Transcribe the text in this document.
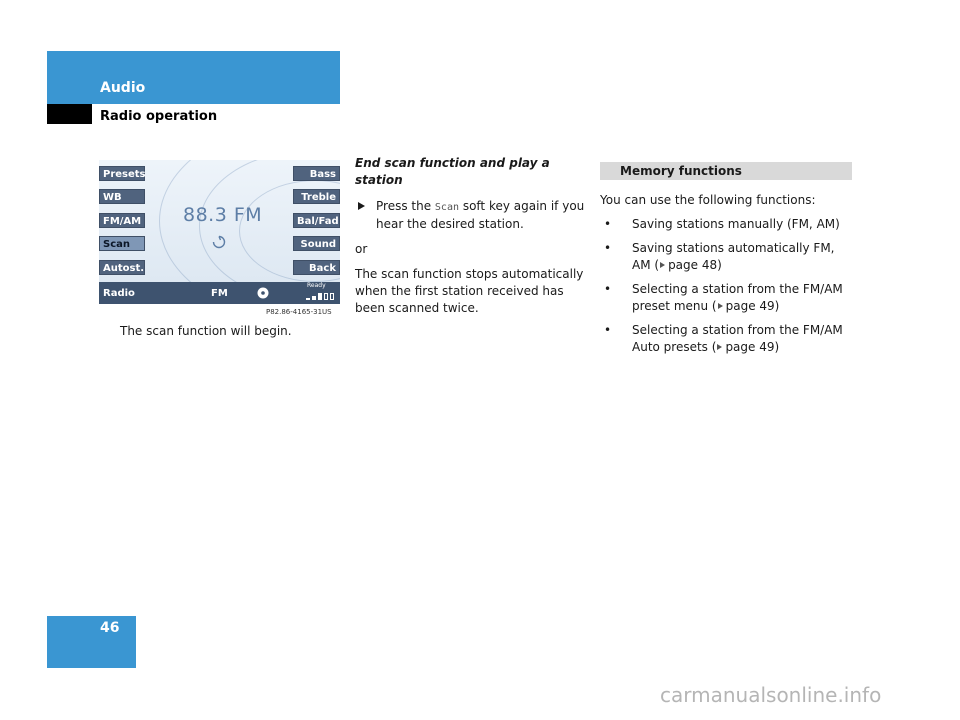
Audio
Radio operation
Presets
WB
FM/AM
Scan
Autost.
Bass
Treble
Bal/Fad
Sound
Back
88.3 FM
Radio	FM
Ready
P82.86-4165-31US
The scan function will begin.
End scan function and play a station

Press the Scan soft key again if you hear the desired station.

or

The scan function stops automatically when the first station received has been scanned twice.

Memory functions

You can use the following functions:

• Saving stations manually (FM, AM)
• Saving stations automatically FM, AM ( page 48)
• Selecting a station from the FM/AM preset menu ( page 49)
• Selecting a station from the FM/AM Auto presets ( page 49)
46
carmanualsonline.info
